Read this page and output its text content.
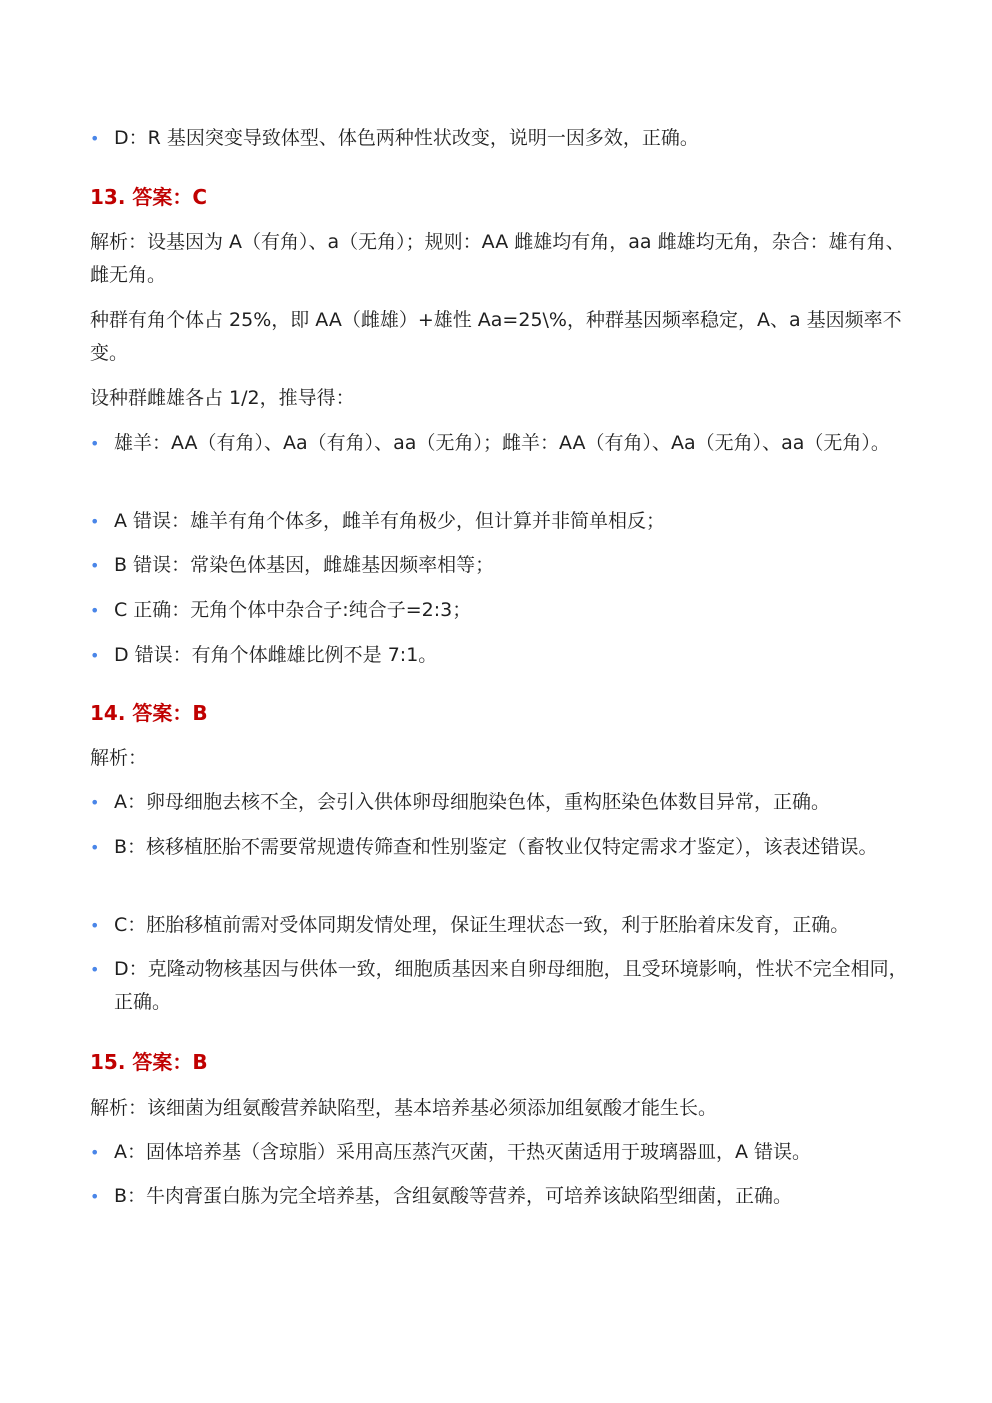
• D：R 基因突变导致体型、体色两种性状改变，说明一因多效，正确。
13. 答案：C
解析：设基因为 A（有角）、a（无角）；规则：AA 雌雄均有角，aa 雌雄均无角，杂合：雄有角、雌无角。
种群有角个体占 25%，即 AA（雌雄）+雄性 Aa=25\%，种群基因频率稳定，A、a 基因频率不变。
设种群雌雄各占 1/2，推导得：
• 雄羊：AA（有角）、Aa（有角）、aa（无角）；雌羊：AA（有角）、Aa（无角）、aa（无角）。
• A 错误：雄羊有角个体多，雌羊有角极少，但计算并非简单相反；
• B 错误：常染色体基因，雌雄基因频率相等；
• C 正确：无角个体中杂合子:纯合子=2:3；
• D 错误：有角个体雌雄比例不是 7:1。
14. 答案：B
解析：
• A：卵母细胞去核不全，会引入供体卵母细胞染色体，重构胚染色体数目异常，正确。
• B：核移植胚胎不需要常规遗传筛查和性别鉴定（畜牧业仅特定需求才鉴定），该表述错误。
• C：胚胎移植前需对受体同期发情处理，保证生理状态一致，利于胚胎着床发育，正确。
• D：克隆动物核基因与供体一致，细胞质基因来自卵母细胞，且受环境影响，性状不完全相同，正确。
15. 答案：B
解析：该细菌为组氨酸营养缺陷型，基本培养基必须添加组氨酸才能生长。
• A：固体培养基（含琼脂）采用高压蒸汽灭菌，干热灭菌适用于玻璃器皿，A 错误。
• B：牛肉膏蛋白胨为完全培养基，含组氨酸等营养，可培养该缺陷型细菌，正确。
